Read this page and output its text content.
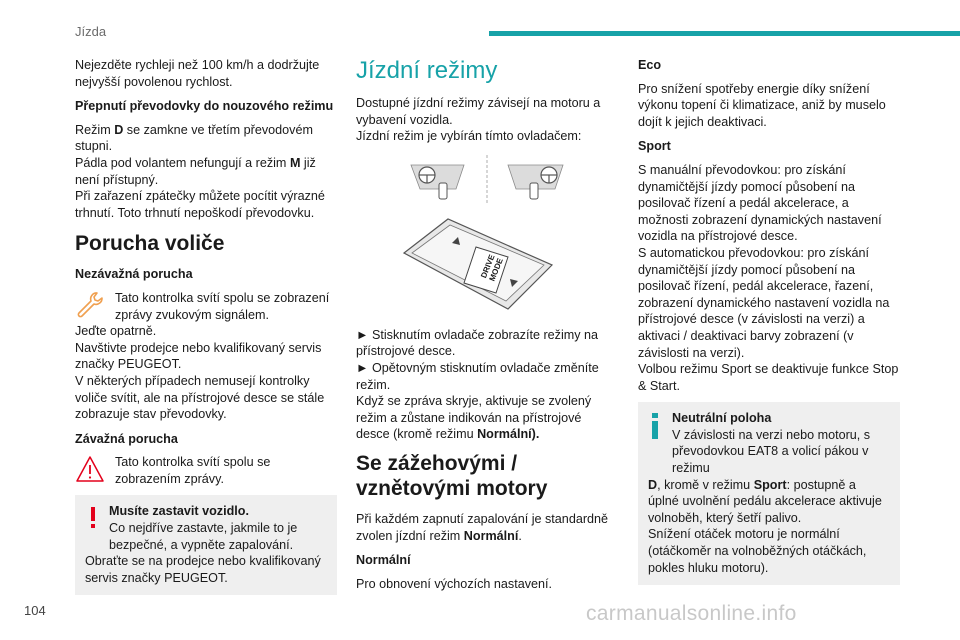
Jízda

Nejezděte rychleji než 100 km/h a dodržujte nejvyšší povolenou rychlost.

Přepnutí převodovky do nouzového režimu

Režim D se zamkne ve třetím převodovém stupni.

Pádla pod volantem nefungují a režim M již není přístupný.

Při zařazení zpátečky můžete pocítit výrazné trhnutí. Toto trhnutí nepoškodí převodovku.

Porucha voliče
Nezávažná porucha

Tato kontrolka svítí spolu se zobrazení zprávy zvukovým signálem.

Jeďte opatrně.

Navštivte prodejce nebo kvalifikovaný servis značky PEUGEOT.

V některých případech nemusejí kontrolky voliče svítit, ale na přístrojové desce se stále zobrazuje stav převodovky.

Závažná porucha

Tato kontrolka svítí spolu se zobrazením zprávy.

Musíte zastavit vozidlo.

Co nejdříve zastavte, jakmile to je bezpečné, a vypněte zapalování.

Obraťte se na prodejce nebo kvalifikovaný servis značky PEUGEOT.

Jízdní režimy

Dostupné jízdní režimy závisejí na motoru a vybavení vozidla.

Jízdní režim je vybírán tímto ovladačem:

DRIVE MODE

► Stisknutím ovladače zobrazíte režimy na přístrojové desce.

► Opětovným stisknutím ovladače změníte režim.

Když se zpráva skryje, aktivuje se zvolený režim a zůstane indikován na přístrojové desce (kromě režimu Normální).

Se zážehovými / vznětovými motory

Při každém zapnutí zapalování je standardně zvolen jízdní režim Normální.

Normální

Pro obnovení výchozích nastavení.

Eco

Pro snížení spotřeby energie díky snížení výkonu topení či klimatizace, aniž by muselo dojít k jejich deaktivaci.

Sport

S manuální převodovkou: pro získání dynamičtější jízdy pomocí působení na posilovač řízení a pedál akcelerace, a možnosti zobrazení dynamických nastavení vozidla na přístrojové desce.

S automatickou převodovkou: pro získání dynamičtější jízdy pomocí působení na posilovač řízení, pedál akcelerace, řazení, zobrazení dynamického nastavení vozidla na přístrojové desce (v závislosti na verzi) a aktivaci / deaktivaci barvy zobrazení (v závislosti na verzi).

Volbou režimu Sport se deaktivuje funkce Stop & Start.

Neutrální poloha

V závislosti na verzi nebo motoru, s převodovkou EAT8 a volicí pákou v režimu

D, kromě v režimu Sport: postupně a úplné uvolnění pedálu akcelerace aktivuje volnoběh, který šetří palivo.

Snížení otáček motoru je normální (otáčkoměr na volnoběžných otáčkách, pokles hluku motoru).

104	carmanualsonline.info
